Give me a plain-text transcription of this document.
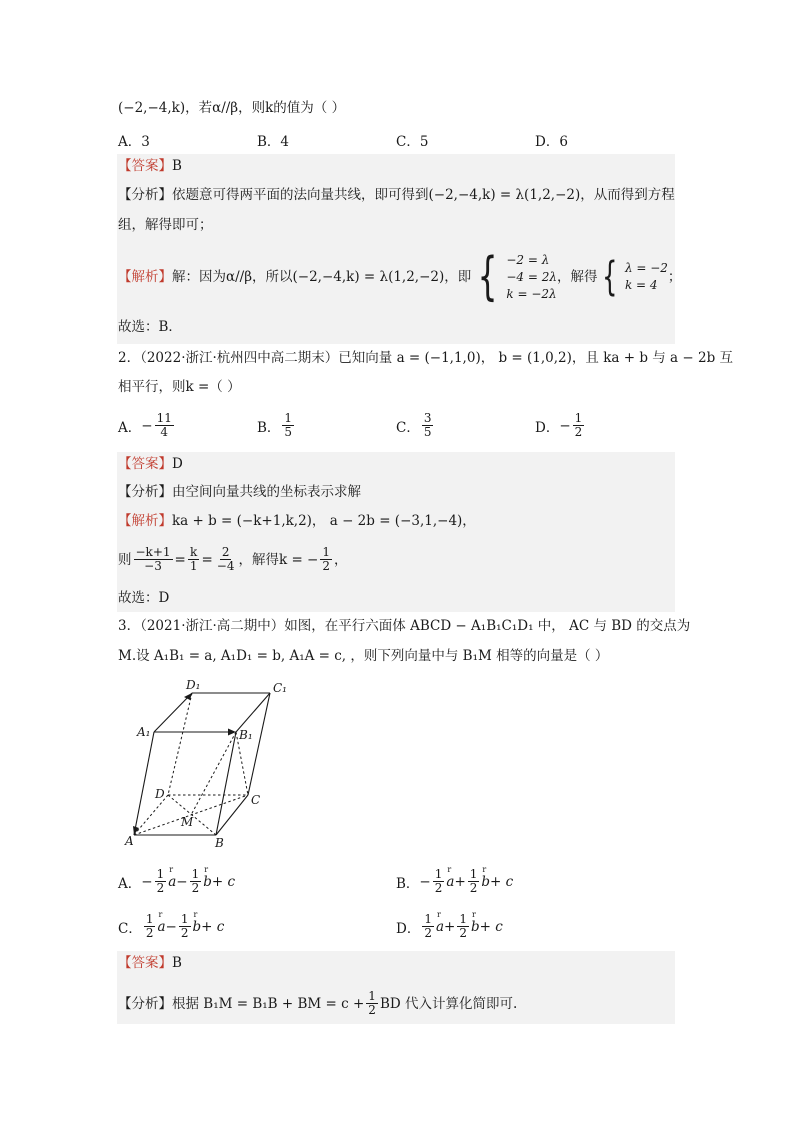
(−2,−4,k)，若α//β，则k的值为（ ）
A．3	B．4	C．5	D．6
【答案】B
【分析】依题意可得两平面的法向量共线，即可得到(−2,−4,k) = λ(1,2,−2)，从而得到方程
组，解得即可；
【解析】 解：因为α//β，所以(−2,−4,k) = λ(1,2,−2)，即 { −2 = λ
−4 = 2λ
k = −2λ
，解得 { λ = −2
k = 4 ；
故选：B．
2．（2022·浙江·杭州四中高二期末）已知向量 a = (−1,1,0)， b = (1,0,2)，且 ka + b 与 a − 2b 互
相平行，则k =（ ）
A． − $\frac{11}{4}$	B． $\frac{1}{5}$	C． $\frac{3}{5}$	D． − $\frac{1}{2}$
【答案】D
【分析】由空间向量共线的坐标表示求解
【解析】ka + b = (−k+1,k,2)， a − 2b = (−3,1,−4)，
则 $\frac{-k+1}{-3} = \frac{k}{1} = \frac{2}{-4}$ ，解得k = − $\frac{1}{2}$ ，
故选：D
3．（2021·浙江·高二期中）如图，在平行六面体 ABCD − A₁B₁C₁D₁ 中， AC 与 BD 的交点为
M.设 A₁B₁ = a, A₁D₁ = b, A₁A = c, ，则下列向量中与 B₁M 相等的向量是（ ）
D₁	C₁
A₁	B₁
D	C
M
A	B
A． − $\frac{1}{2}$ r $a - \frac{1}{2}$ r b + c	B． − $\frac{1}{2}$ r $a + \frac{1}{2}$ r b + c
C． $\frac{1}{2}$ r $a - \frac{1}{2}$ r b + c	D． $\frac{1}{2}$ r $a + \frac{1}{2}$ r b + c
【答案】B
【分析】 根据 B₁M = B₁B + BM = $c + \frac{1}{2}$ BD 代入计算化简即可.
